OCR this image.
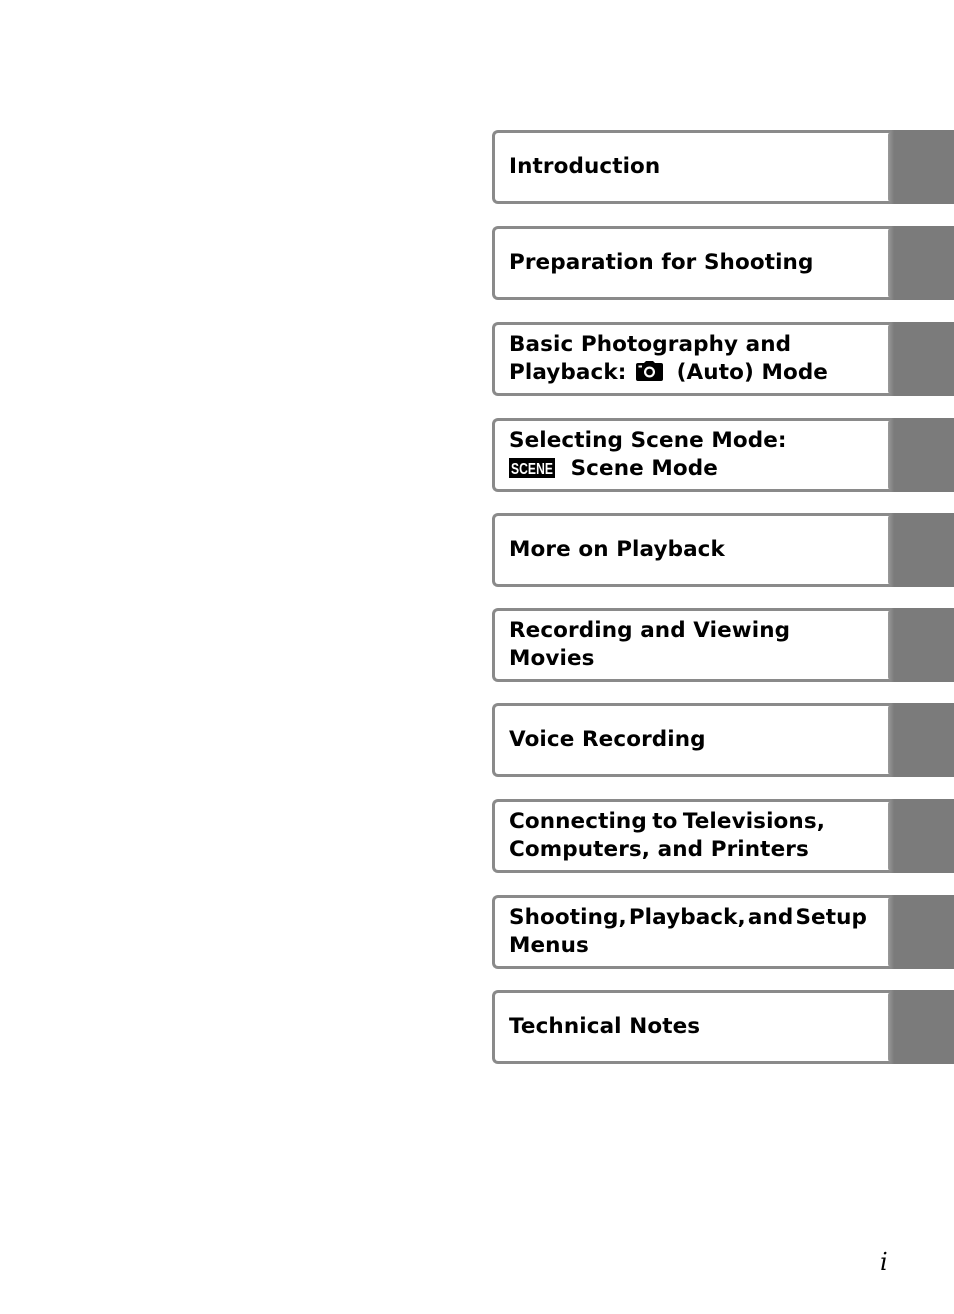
Introduction
Preparation for Shooting
Basic Photography and
Playback: (Auto) Mode
Selecting Scene Mode:
SCENE Scene Mode
More on Playback
Recording and Viewing Movies
Voice Recording
Connecting to Televisions,
Computers, and Printers
Shooting, Playback, and Setup
Menus
Technical Notes
i
